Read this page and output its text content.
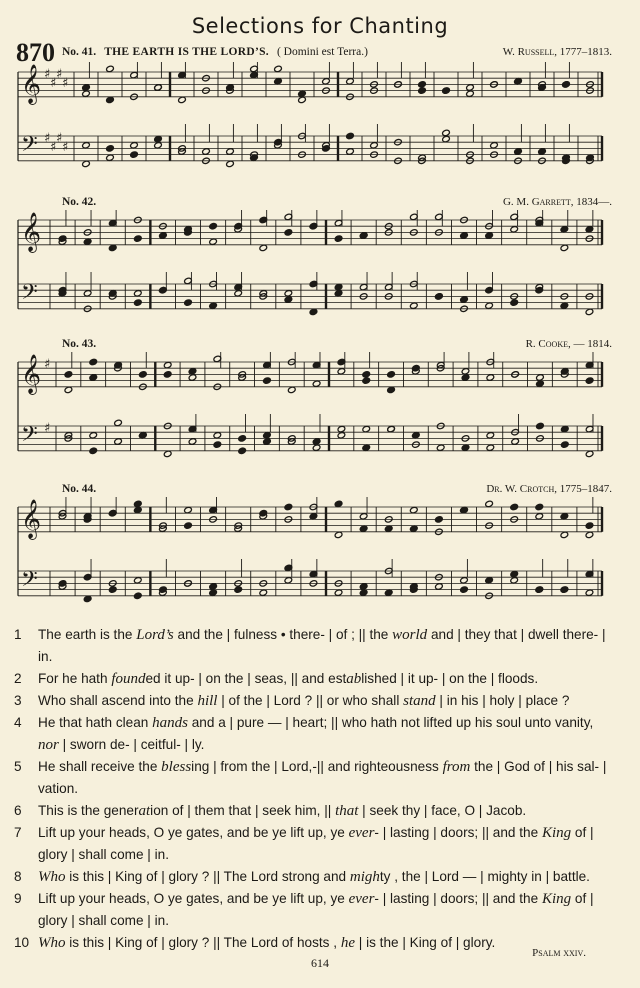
Selections for Chanting
870 No. 41. THE EARTH IS THE LORD’S. ( Domini est Terra.)	W. Russell, 1777–1813.
No. 42.	G. M. Garrett, 1834—.
No. 43.	R. Cooke, — 1814.
No. 44.	Dr. W. Crotch, 1775–1847.
𝄞 ♯
♯
♯
♯
𝄢 ♯
♯
♯
♯
𝄞
𝄢
𝄞 ♯
𝄢 ♯
𝄞
𝄢
1	The earth is the Lord’s and the | fulness • there- | of ; || the world and | they that | dwell there- | in.
2	For he hath founded it up- | on the | seas, || and established | it up- | on the | floods.
3	Who shall ascend into the hill | of the | Lord ? || or who shall stand | in his | holy | place ?
4	He that hath clean hands and a | pure — | heart; || who hath not lifted up his soul unto vanity, nor | sworn de- | ceitful- | ly.
5	He shall receive the blessing | from the | Lord,-|| and righteousness from the | God of | his sal- | vation.
6	This is the generation of | them that | seek him, || that | seek thy | face, O | Jacob.
7	Lift up your heads, O ye gates, and be ye lift up, ye ever- | lasting | doors; || and the King of | glory | shall come | in.
8	Who is this | King of | glory ? || The Lord strong and mighty , the | Lord — | mighty in | battle.
9	Lift up your heads, O ye gates, and be ye lift up, ye ever- | lasting | doors; || and the King of | glory | shall come | in.
10 Who is this | King of | glory ? || The Lord of hosts , he | is the | King of | glory.
Psalm xxiv.
614
